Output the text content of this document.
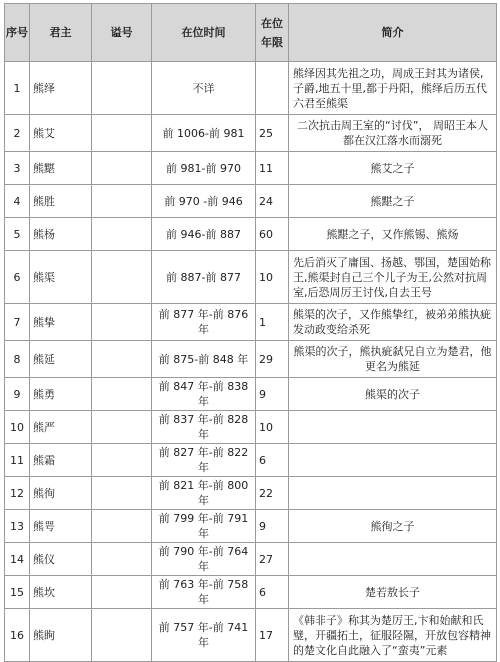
序号	君主	谥号	在位时间	在位年限	简介
1	熊绎		不详		熊绎因其先祖之功，周成王封其为诸侯,子爵,地五十里,都于丹阳，熊绎后历五代六君至熊渠
2	熊艾		前 1006-前 981	25	二次抗击周王室的“讨伐”， 周昭王本人都在汉江落水而溺死
3	熊黮		前 981-前 970	11	熊艾之子
4	熊胜		前 970 -前 946	24	熊黮之子
5	熊杨		前 946-前 887	60	熊黮之子，又作熊锡、熊炀
6	熊渠		前 887-前 877	10	先后消灭了庸国、扬越、鄂国，楚国始称王,熊渠封自己三个儿子为王,公然对抗周室,后恐周厉王讨伐,自去王号
7	熊挚		前 877 年-前 876 年	1	熊渠的次子，又作熊挚红，被弟弟熊执疵发动政变给杀死
8	熊延		前 875-前 848 年	29	熊渠的次子，熊执疵弑兄自立为楚君，他更名为熊延
9	熊勇		前 847 年-前 838 年	9	熊渠的次子
10	熊严		前 837 年-前 828 年	10	
11	熊霜		前 827 年-前 822 年	6	
12	熊徇		前 821 年-前 800 年	22	
13	熊咢		前 799 年-前 791 年	9	熊徇之子
14	熊仪		前 790 年-前 764 年	27	
15	熊坎		前 763 年-前 758 年	6	楚若敖长子
16	熊眴		前 757 年-前 741 年	17	《韩非子》称其为楚厉王,卞和始献和氏璧，开疆拓土，征服陉隰，开放包容精神的楚文化自此融入了“蛮夷”元素
